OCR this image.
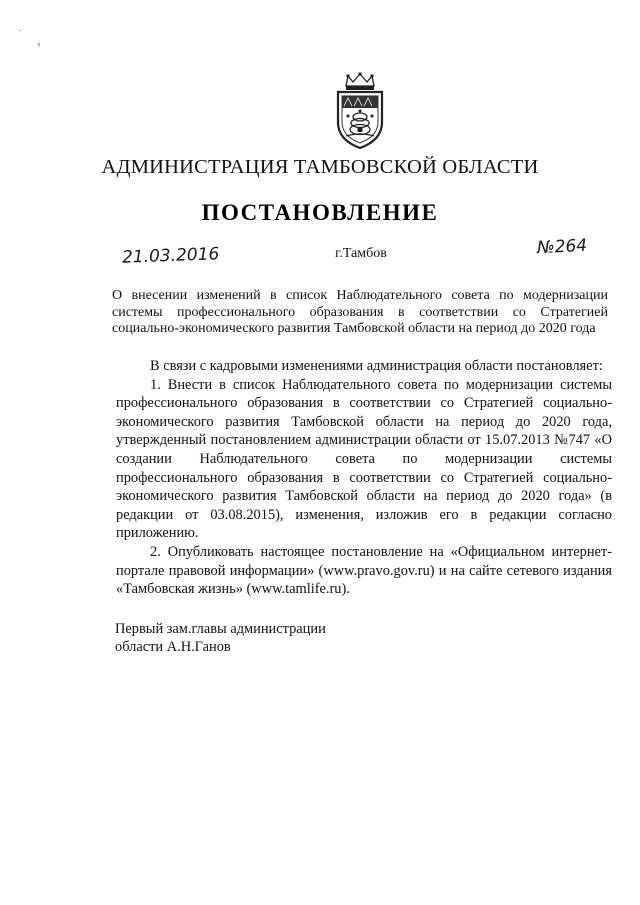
˙
›
АДМИНИСТРАЦИЯ ТАМБОВСКОЙ ОБЛАСТИ
ПОСТАНОВЛЕНИЕ
21.03.2016	г.Тамбов	№264
О внесении изменений в список Наблюдательного совета по модернизации системы профессионального образования в соответствии со Стратегией социально-экономического развития Тамбовской области на период до 2020 года

В связи с кадровыми изменениями администрация области постановляет:

1. Внести в список Наблюдательного совета по модернизации системы профессионального образования в соответствии со Стратегией социально-экономического развития Тамбовской области на период до 2020 года, утвержденный постановлением администрации области от 15.07.2013 №747 «О создании Наблюдательного совета по модернизации системы профессионального образования в соответствии со Стратегией социально-экономического развития Тамбовской области на период до 2020 года» (в редакции от 03.08.2015), изменения, изложив его в редакции согласно приложению.

2. Опубликовать настоящее постановление на «Официальном интернет-портале правовой информации» (www.pravo.gov.ru) и на сайте сетевого издания «Тамбовская жизнь» (www.tamlife.ru).

Первый зам.главы администрации
области А.Н.Ганов
